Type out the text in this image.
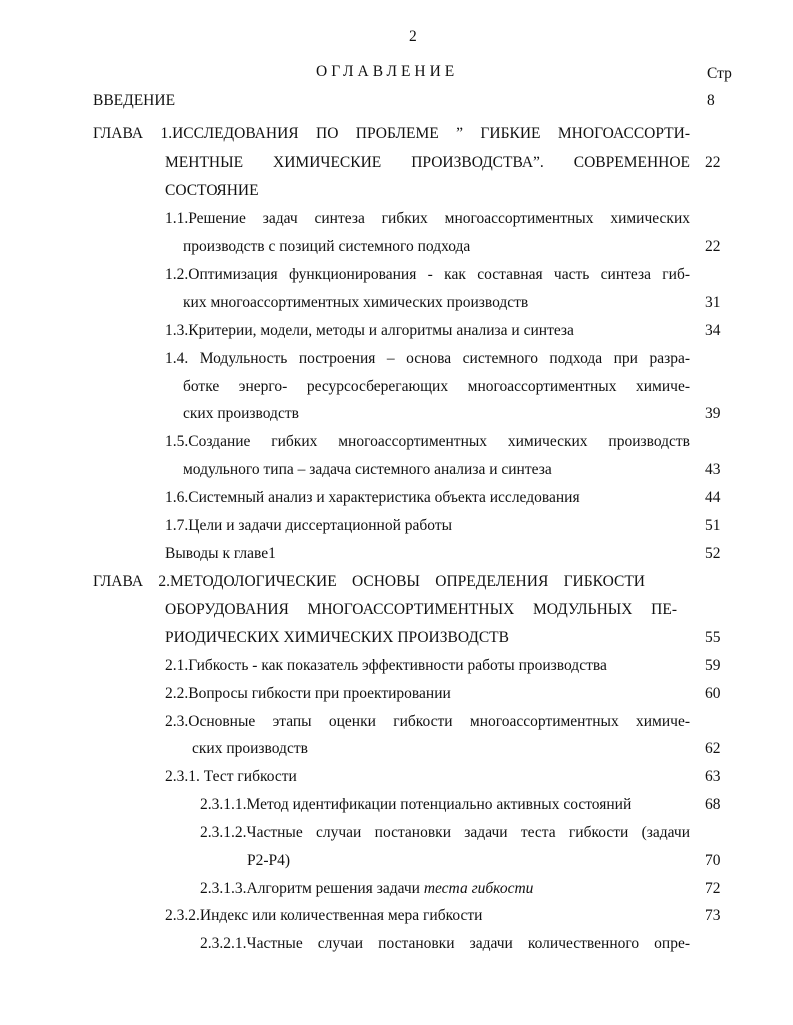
2
ОГЛАВЛЕНИЕ	Стр
ВВЕДЕНИЕ	8
ГЛАВА 1.ИССЛЕДОВАНИЯ ПО ПРОБЛЕМЕ ” ГИБКИЕ МНОГОАССОРТИ-
МЕНТНЫЕ ХИМИЧЕСКИЕ ПРОИЗВОДСТВА”. СОВРЕМЕННОЕ 22
СОСТОЯНИЕ
1.1.Решение задач синтеза гибких многоассортиментных химических
производств с позиций системного подхода	22
1.2.Оптимизация функционирования - как составная часть синтеза гиб-
ких многоассортиментных химических производств	31
1.3.Критерии, модели, методы и алгоритмы анализа и синтеза	34
1.4. Модульность построения – основа системного подхода при разра-
ботке энерго- ресурсосберегающих многоассортиментных химиче-
ских производств	39
1.5.Создание гибких многоассортиментных химических производств
модульного типа – задача системного анализа и синтеза	43
1.6.Системный анализ и характеристика объекта исследования	44
1.7.Цели и задачи диссертационной работы	51
Выводы к главе1	52
ГЛАВА 2.МЕТОДОЛОГИЧЕСКИЕ ОСНОВЫ ОПРЕДЕЛЕНИЯ ГИБКОСТИ
ОБОРУДОВАНИЯ МНОГОАССОРТИМЕНТНЫХ МОДУЛЬНЫХ ПЕ-
РИОДИЧЕСКИХ ХИМИЧЕСКИХ ПРОИЗВОДСТВ	55
2.1.Гибкость - как показатель эффективности работы производства	59
2.2.Вопросы гибкости при проектировании	60
2.3.Основные этапы оценки гибкости многоассортиментных химиче-
ских производств	62
2.3.1. Тест гибкости	63
2.3.1.1.Метод идентификации потенциально активных состояний	68
2.3.1.2.Частные случаи постановки задачи теста гибкости (задачи
Р2-Р4)	70
2.3.1.3.Алгоритм решения задачи теста гибкости	72
2.3.2.Индекс или количественная мера гибкости	73
2.3.2.1.Частные случаи постановки задачи количественного опре-
